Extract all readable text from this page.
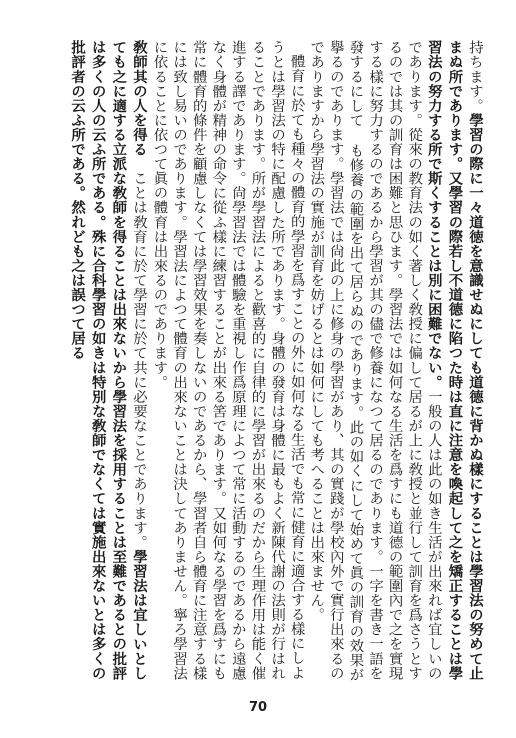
持ちます。學習の際に一々道徳を意識せぬにしても道德に背かぬ樣にすることは學習法の努めて止まぬ所であります。又學習の際若し不道德に陷つた時は直に注意を喚起して之を矯正することは學習法の努力する所で斯くすることは別に困難でない。一般の人は此の如き生活が出來れば宜しいのであります。從來の教育法の如く著しく敎授に偏して居るが上に敎授と並行して訓育を爲さうとするのでは其の訓育は困難と思ひます。學習法では如何なる生活を爲すにも道德の範圍內で之を實現する樣に努力するのであるから學習が其の儘で修養になつて居るのであります。一字を書き一語を發するにして も修養の範圍を出て居らぬのであります。此の如くにして始めて眞の訓育の效果が擧るのであります。學習法では尙此の上に修身の學習があり、其の實踐が學校內外で實行出來るのでありますから學習法の實施が訓育を妨げるとは如何にしても考へることは出來ません。

體育に於ても種々の體育的學習を爲すことの外に如何なる生活でも常に健育に適合する樣にしようとは學習法の特に配慮した所であります。身體の發育は身體に最もよく新陳代謝の法則が行はれることであります。所が學習法によると歡喜的に自律的に學習が出來るのだから生理作用は能く催進する譯であります。尙學習法では體驗を重視し作爲原理によつて常に活動するのであるから遠慮なく身體が精神の命令に從ふ樣に練習することが出來る筈であります。又如何なる學習を爲すにも常に體育的條件を顧慮しなくては學習效果を奏しないのであるから、學習者自ら體育に注意する樣には致し易いのであります。學習法によつて體育の出來ないことは決してありません。寧ろ學習法に依ることに依つて眞の體育は出來るのであります。

敎師其の人を得る　ことは敎育に於て學習に於て共に必要なことであります。學習法は宜しいとしても之に適する立派な敎師を得ることは出來ないから學習法を採用することは至難であるとの批評は多くの人の云ふ所である。殊に合科學習の如きは特別な敎師でなくては實施出來ないとは多くの批評者の云ふ所である。然れども之は誤つて居る

70
